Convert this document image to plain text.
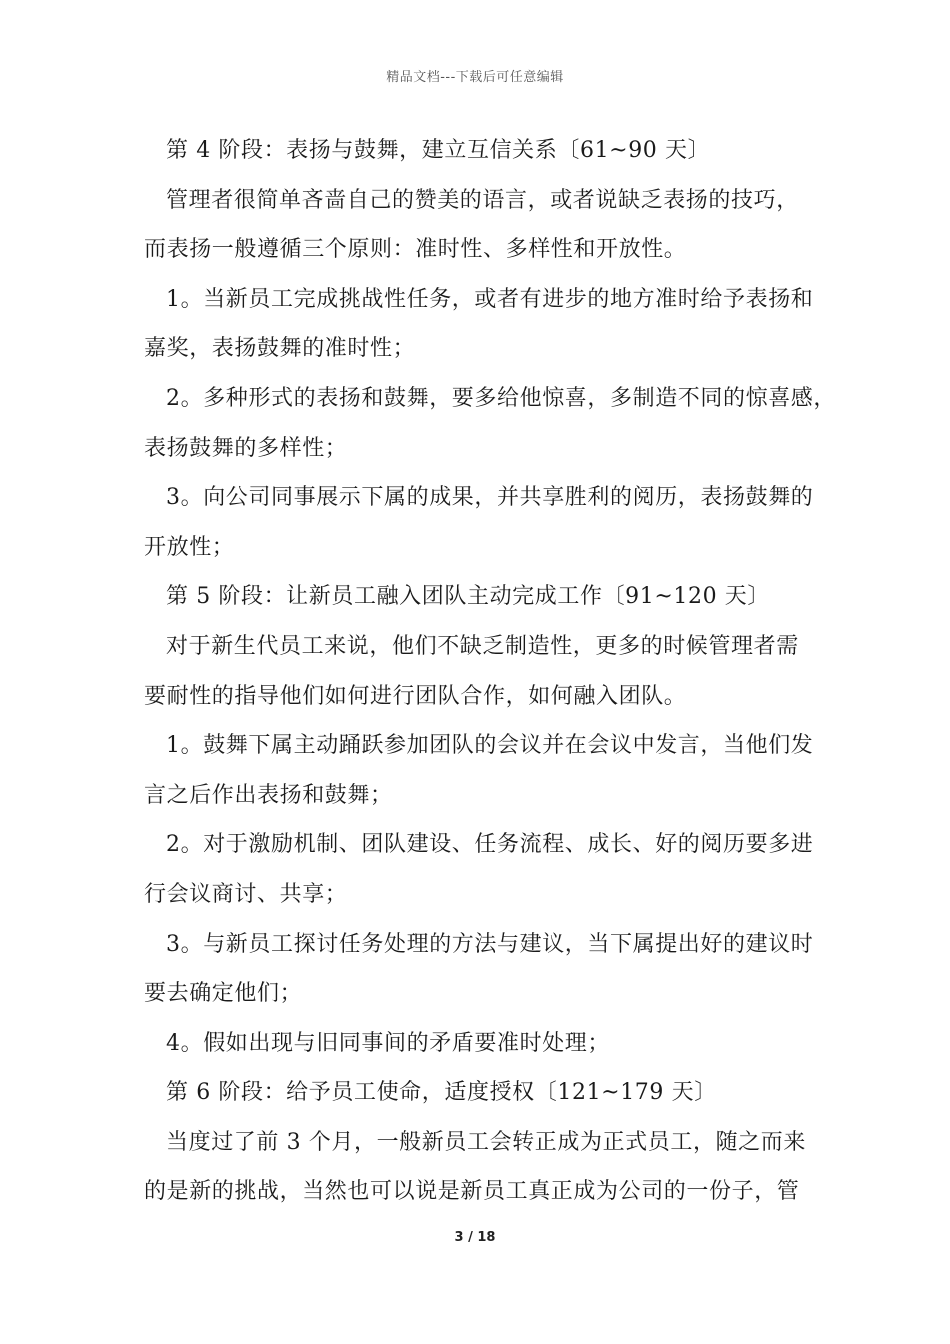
精品文档---下载后可任意编辑
第 4 阶段：表扬与鼓舞，建立互信关系〔61~90 天〕
管理者很简单吝啬自己的赞美的语言，或者说缺乏表扬的技巧，
而表扬一般遵循三个原则：准时性、多样性和开放性。
1。当新员工完成挑战性任务，或者有进步的地方准时给予表扬和
嘉奖，表扬鼓舞的准时性；
2。多种形式的表扬和鼓舞，要多给他惊喜，多制造不同的惊喜感，
表扬鼓舞的多样性；
3。向公司同事展示下属的成果，并共享胜利的阅历，表扬鼓舞的
开放性；
第 5 阶段：让新员工融入团队主动完成工作〔91~120 天〕
对于新生代员工来说，他们不缺乏制造性，更多的时候管理者需
要耐性的指导他们如何进行团队合作，如何融入团队。
1。鼓舞下属主动踊跃参加团队的会议并在会议中发言，当他们发
言之后作出表扬和鼓舞；
2。对于激励机制、团队建设、任务流程、成长、好的阅历要多进
行会议商讨、共享；
3。与新员工探讨任务处理的方法与建议，当下属提出好的建议时
要去确定他们；
4。假如出现与旧同事间的矛盾要准时处理；
第 6 阶段：给予员工使命，适度授权〔121~179 天〕
当度过了前 3 个月，一般新员工会转正成为正式员工，随之而来
的是新的挑战，当然也可以说是新员工真正成为公司的一份子，管
3 / 18
